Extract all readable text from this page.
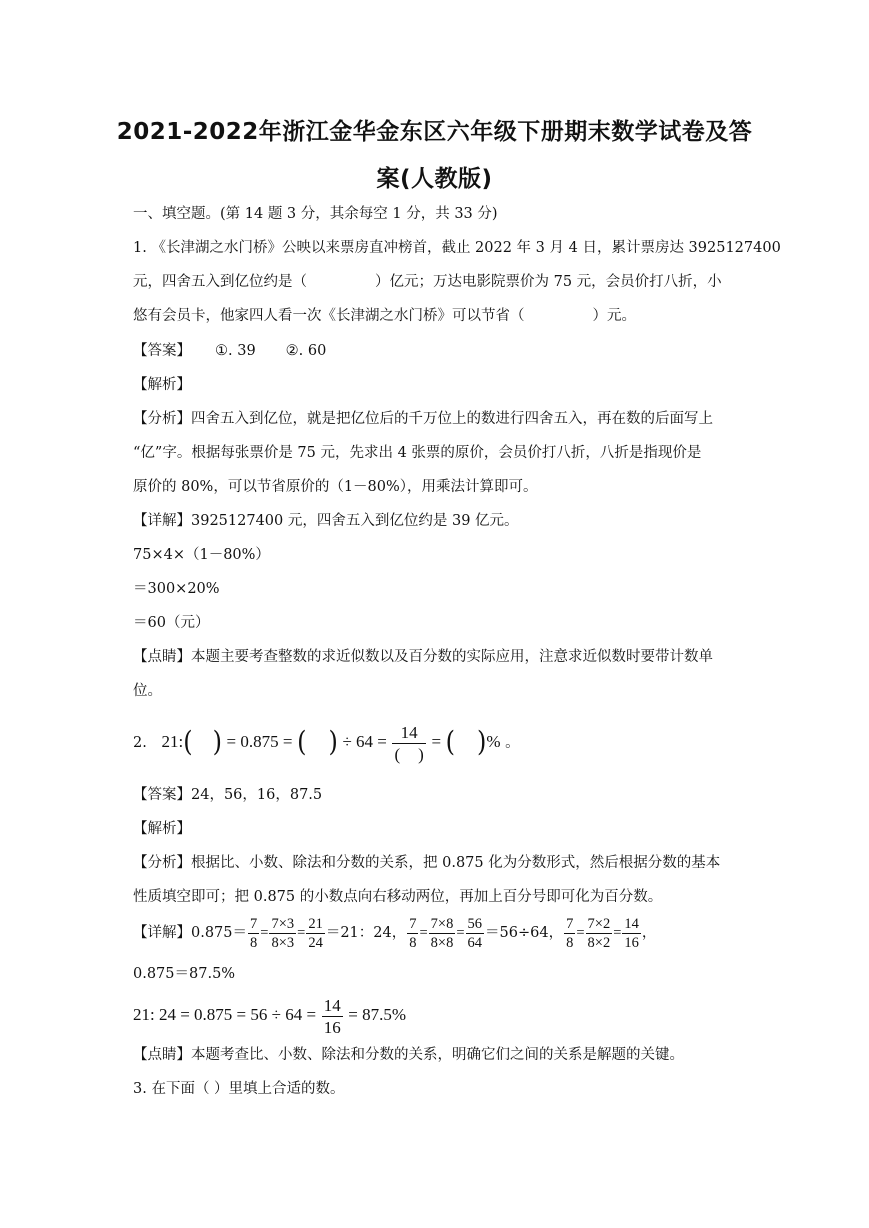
2021-2022年浙江金华金东区六年级下册期末数学试卷及答
案(人教版)
一、填空题。(第 14 题 3 分，其余每空 1 分，共 33 分)
1. 《长津湖之水门桥》公映以来票房直冲榜首，截止 2022 年 3 月 4 日，累计票房达 3925127400
元，四舍五入到亿位约是（	）亿元；万达电影院票价为 75 元，会员价打八折，小
悠有会员卡，他家四人看一次《长津湖之水门桥》可以节省（	）元。
【答案】 ①. 39 ②. 60
【解析】
【分析】四舍五入到亿位，就是把亿位后的千万位上的数进行四舍五入，再在数的后面写上
“亿”字。根据每张票价是 75 元，先求出 4 张票的原价，会员价打八折，八折是指现价是
原价的 80%，可以节省原价的（1－80%），用乘法计算即可。
【详解】3925127400 元，四舍五入到亿位约是 39 亿元。
75×4×（1－80%）
＝300×20%
＝60（元）
【点睛】本题主要考查整数的求近似数以及百分数的实际应用，注意求近似数时要带计数单
位。
2. 21:( ) = 0.875 = ( ) ÷ $64 = \frac{14}{( )}$ = ( )% 。
【答案】24，56，16，87.5
【解析】
【分析】根据比、小数、除法和分数的关系，把 0.875 化为分数形式，然后根据分数的基本
性质填空即可；把 0.875 的小数点向右移动两位，再加上百分号即可化为百分数。
【详解】$0.875= \frac{7}{8} = \frac{7\times 3}{8\times 3} = \frac{21}{24} =21$：24， $\frac{7}{8} = \frac{7\times 8}{8\times 8} = \frac{56}{64} =56\div 64$， $\frac{7}{8} = \frac{7\times 2}{8\times 2} = \frac{14}{16}$ ，
0.875＝87.5%
21: $24 = 0.875 = 56 \div 64 = \frac{14}{16} = 87.5\%$
【点睛】本题考查比、小数、除法和分数的关系，明确它们之间的关系是解题的关键。
3. 在下面（ ）里填上合适的数。
